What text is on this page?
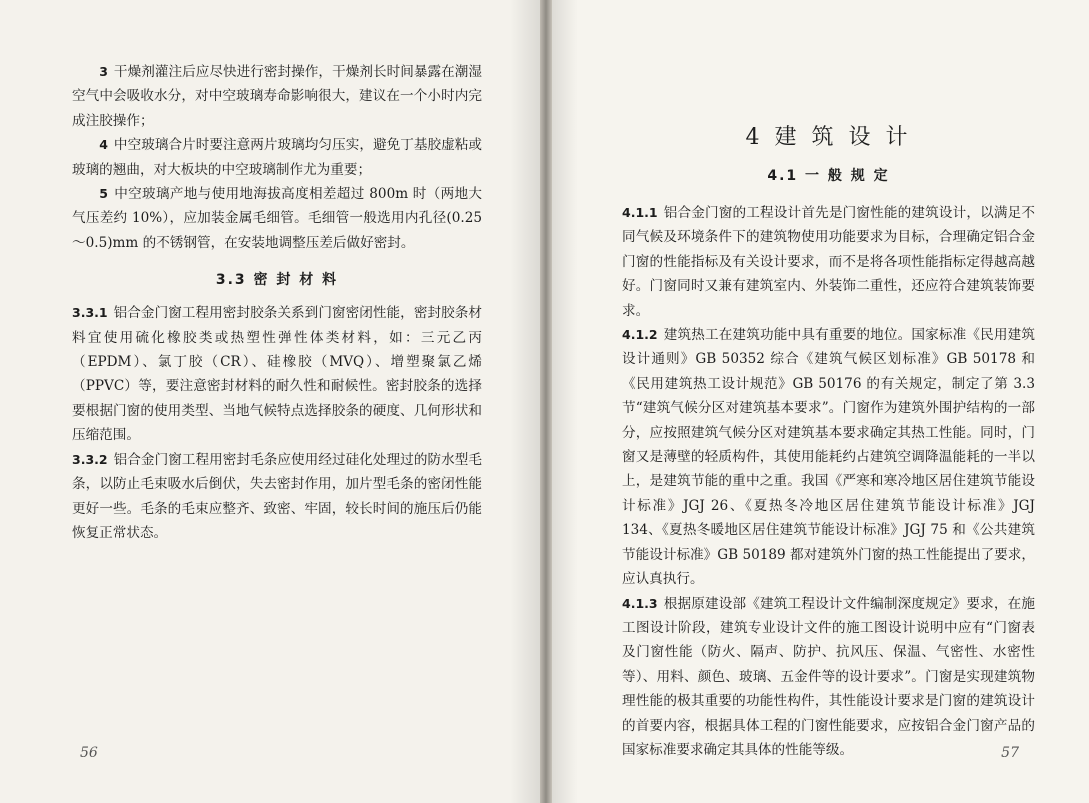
3 干燥剂灌注后应尽快进行密封操作，干燥剂长时间暴露在潮湿空气中会吸收水分，对中空玻璃寿命影响很大，建议在一个小时内完成注胶操作；

4 中空玻璃合片时要注意两片玻璃均匀压实，避免丁基胶虚粘或玻璃的翘曲，对大板块的中空玻璃制作尤为重要；

5 中空玻璃产地与使用地海拔高度相差超过 800m 时（两地大气压差约 10%），应加装金属毛细管。毛细管一般选用内孔径(0.25～0.5)mm 的不锈钢管，在安装地调整压差后做好密封。

3.3 密 封 材 料

3.3.1 铝合金门窗工程用密封胶条关系到门窗密闭性能，密封胶条材料宜使用硫化橡胶类或热塑性弹性体类材料，如：三元乙丙（EPDM）、氯丁胶（CR）、硅橡胶（MVQ）、增塑聚氯乙烯（PPVC）等，要注意密封材料的耐久性和耐候性。密封胶条的选择要根据门窗的使用类型、当地气候特点选择胶条的硬度、几何形状和压缩范围。

3.3.2 铝合金门窗工程用密封毛条应使用经过硅化处理过的防水型毛条，以防止毛束吸水后倒伏，失去密封作用，加片型毛条的密闭性能更好一些。毛条的毛束应整齐、致密、牢固，较长时间的施压后仍能恢复正常状态。

56
4 建 筑 设 计
4.1 一 般 规 定

4.1.1 铝合金门窗的工程设计首先是门窗性能的建筑设计，以满足不同气候及环境条件下的建筑物使用功能要求为目标，合理确定铝合金门窗的性能指标及有关设计要求，而不是将各项性能指标定得越高越好。门窗同时又兼有建筑室内、外装饰二重性，还应符合建筑装饰要求。

4.1.2 建筑热工在建筑功能中具有重要的地位。国家标准《民用建筑设计通则》GB 50352 综合《建筑气候区划标准》GB 50178 和《民用建筑热工设计规范》GB 50176 的有关规定，制定了第 3.3 节“建筑气候分区对建筑基本要求”。门窗作为建筑外围护结构的一部分，应按照建筑气候分区对建筑基本要求确定其热工性能。同时，门窗又是薄壁的轻质构件，其使用能耗约占建筑空调降温能耗的一半以上，是建筑节能的重中之重。我国《严寒和寒冷地区居住建筑节能设计标准》JGJ 26、《夏热冬冷地区居住建筑节能设计标准》JGJ 134、《夏热冬暖地区居住建筑节能设计标准》JGJ 75 和《公共建筑节能设计标准》GB 50189 都对建筑外门窗的热工性能提出了要求，应认真执行。

4.1.3 根据原建设部《建筑工程设计文件编制深度规定》要求，在施工图设计阶段，建筑专业设计文件的施工图设计说明中应有“门窗表及门窗性能（防火、隔声、防护、抗风压、保温、气密性、水密性等）、用料、颜色、玻璃、五金件等的设计要求”。门窗是实现建筑物理性能的极其重要的功能性构件，其性能设计要求是门窗的建筑设计的首要内容，根据具体工程的门窗性能要求，应按铝合金门窗产品的国家标准要求确定其具体的性能等级。	57
